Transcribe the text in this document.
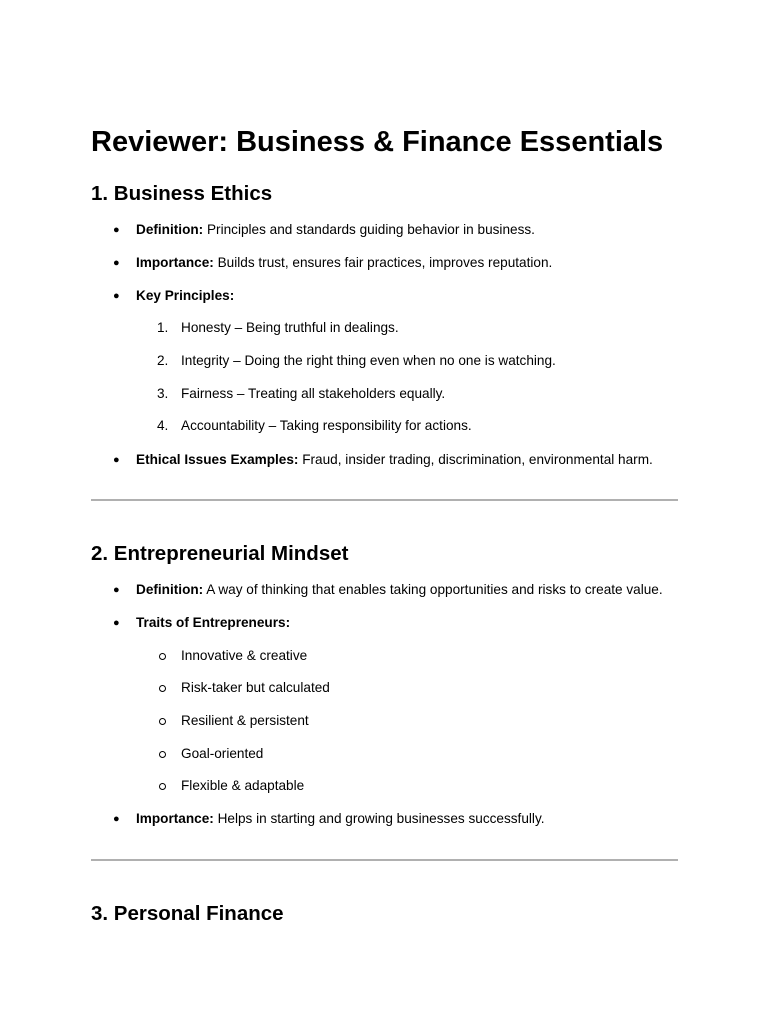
Reviewer: Business & Finance Essentials
1. Business Ethics
● Definition: Principles and standards guiding behavior in business.
● Importance: Builds trust, ensures fair practices, improves reputation.
● Key Principles:
1. Honesty – Being truthful in dealings.
2. Integrity – Doing the right thing even when no one is watching.
3. Fairness – Treating all stakeholders equally.
4. Accountability – Taking responsibility for actions.
● Ethical Issues Examples: Fraud, insider trading, discrimination, environmental harm.
2. Entrepreneurial Mindset
● Definition: A way of thinking that enables taking opportunities and risks to create value.
● Traits of Entrepreneurs:
Innovative & creative
Risk-taker but calculated
Resilient & persistent
Goal-oriented
Flexible & adaptable
● Importance: Helps in starting and growing businesses successfully.
3. Personal Finance
